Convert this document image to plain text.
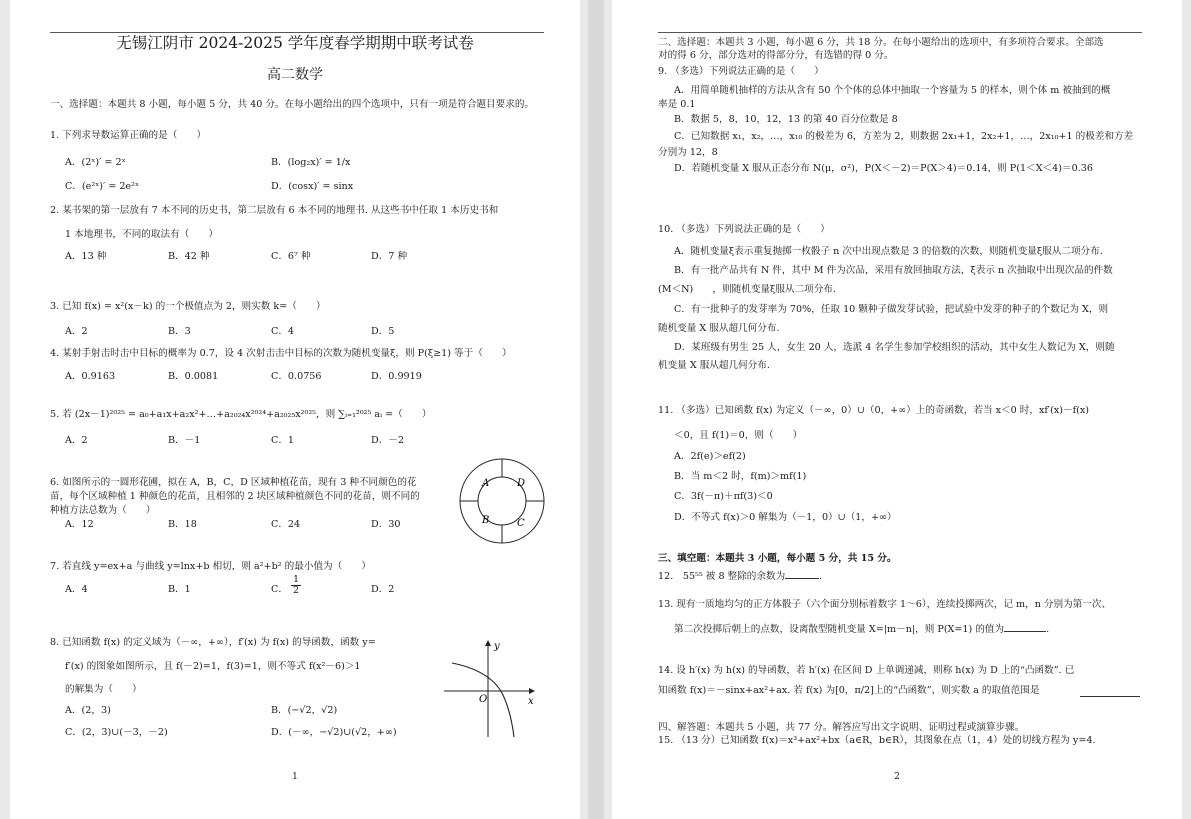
无锡江阴市 2024-2025 学年度春学期期中联考试卷
高二数学
一、选择题：本题共 8 小题，每小题 5 分，共 40 分。在每小题给出的四个选项中，只有一项是符合题目要求的。
1. 下列求导数运算正确的是（　　）
A．(2ˣ)′ = 2ˣ	B．(log₂x)′ = 1/x
C．(e²ˣ)′ = 2e²ˣ	D．(cosx)′ = sinx
2. 某书架的第一层放有 7 本不同的历史书，第二层放有 6 本不同的地理书. 从这些书中任取 1 本历史书和
1 本地理书，不同的取法有（　　）
A．13 种	B．42 种	C．6⁷ 种	D．7 种
3. 已知 f(x) = x²(x－k) 的一个极值点为 2，则实数 k=（　　）
A．2	B．3	C．4	D．5
4. 某射手射击时击中目标的概率为 0.7，设 4 次射击击中目标的次数为随机变量ξ，则 P(ξ≥1) 等于（　　）
A．0.9163	B．0.0081	C．0.0756	D．0.9919
5. 若 (2x－1)²⁰²⁵ = a₀+a₁x+a₂x²+…+a₂₀₂₄x²⁰²⁴+a₂₀₂₅x²⁰²⁵，则 ∑ᵢ₌₁²⁰²⁵ aᵢ =（　　）
A．2	B．－1	C．1	D．－2
6. 如图所示的一圆形花圃，拟在 A，B，C，D 区域种植花苗，现有 3 种不同颜色的花
苗，每个区域种植 1 种颜色的花苗，且相邻的 2 块区域种植颜色不同的花苗，则不同的
种植方法总数为（　　）
A．12	B．18	C．24	D．30
A	D
B	C
7. 若直线 y=ex+a 与曲线 y=lnx+b 相切，则 a²+b² 的最小值为（　　）
A．4	B．1	C． $\frac{1}{2}$	D．2
8. 已知函数 f(x) 的定义域为（－∞，+∞），f′(x) 为 f(x) 的导函数，函数 y=
f′(x) 的图象如图所示，且 f(－2)=1，f(3)=1，则不等式 f(x²－6)＞1
的解集为（　　）
A．(2，3)	B．(−√2，√2)
C．(2，3)∪(－3，－2)	D．(－∞，−√2)∪(√2，+∞)
y
x
O
1
二、选择题：本题共 3 小题，每小题 6 分，共 18 分。在每小题给出的选项中，有多项符合要求。全部选
对的得 6 分，部分选对的得部分分，有选错的得 0 分。
9. （多选）下列说法正确的是（　　）
A．用简单随机抽样的方法从含有 50 个个体的总体中抽取一个容量为 5 的样本，则个体 m 被抽到的概
率是 0.1
B．数据 5，8，10，12，13 的第 40 百分位数是 8
C．已知数据 x₁，x₂，…，x₁₀ 的极差为 6，方差为 2，则数据 2x₁+1，2x₂+1，…，2x₁₀+1 的极差和方差
分别为 12，8
D．若随机变量 X 服从正态分布 N(μ，σ²)，P(X＜－2)＝P(X＞4)＝0.14，则 P(1＜X＜4)＝0.36
10. （多选）下列说法正确的是（　　）
A．随机变量ξ表示重复抛掷一枚骰子 n 次中出现点数是 3 的倍数的次数，则随机变量ξ服从二项分布.
B．有一批产品共有 N 件，其中 M 件为次品，采用有放回抽取方法，ξ表示 n 次抽取中出现次品的件数
(M＜N)　　，则随机变量ξ服从二项分布.
C．有一批种子的发芽率为 70%，任取 10 颗种子做发芽试验，把试验中发芽的种子的个数记为 X，则
随机变量 X 服从超几何分布.
D．某班级有男生 25 人，女生 20 人，选派 4 名学生参加学校组织的活动，其中女生人数记为 X，则随
机变量 X 服从超几何分布.
11. （多选）已知函数 f(x) 为定义（－∞，0）∪（0，+∞）上的奇函数，若当 x＜0 时，xf′(x)－f(x)
＜0，且 f(1)＝0，则（　　）
A．2f(e)＞ef(2)
B．当 m＜2 时，f(m)＞mf(1)
C．3f(－π)＋πf(3)＜0
D．不等式 f(x)＞0 解集为（－1，0）∪（1，+∞）
三、填空题：本题共 3 小题，每小题 5 分，共 15 分。
12.　55⁵⁵ 被 8 整除的余数为	.
13. 现有一质地均匀的正方体骰子（六个面分别标着数字 1～6），连续投掷两次，记 m，n 分别为第一次、
第二次投掷后朝上的点数，设离散型随机变量 X=|m－n|，则 P(X=1) 的值为	.
14. 设 h′(x) 为 h(x) 的导函数，若 h′(x) 在区间 D 上单调递减，则称 h(x) 为 D 上的“凸函数”. 已
知函数 f(x)＝－sinx+ax²+ax. 若 f(x) 为[0，π/2]上的“凸函数”，则实数 a 的取值范围是
四、解答题：本题共 5 小题，共 77 分。解答应写出文字说明、证明过程或演算步骤。
15. （13 分）已知函数 f(x)＝x³+ax²+bx（a∈R，b∈R），其图象在点（1，4）处的切线方程为 y=4.
2
